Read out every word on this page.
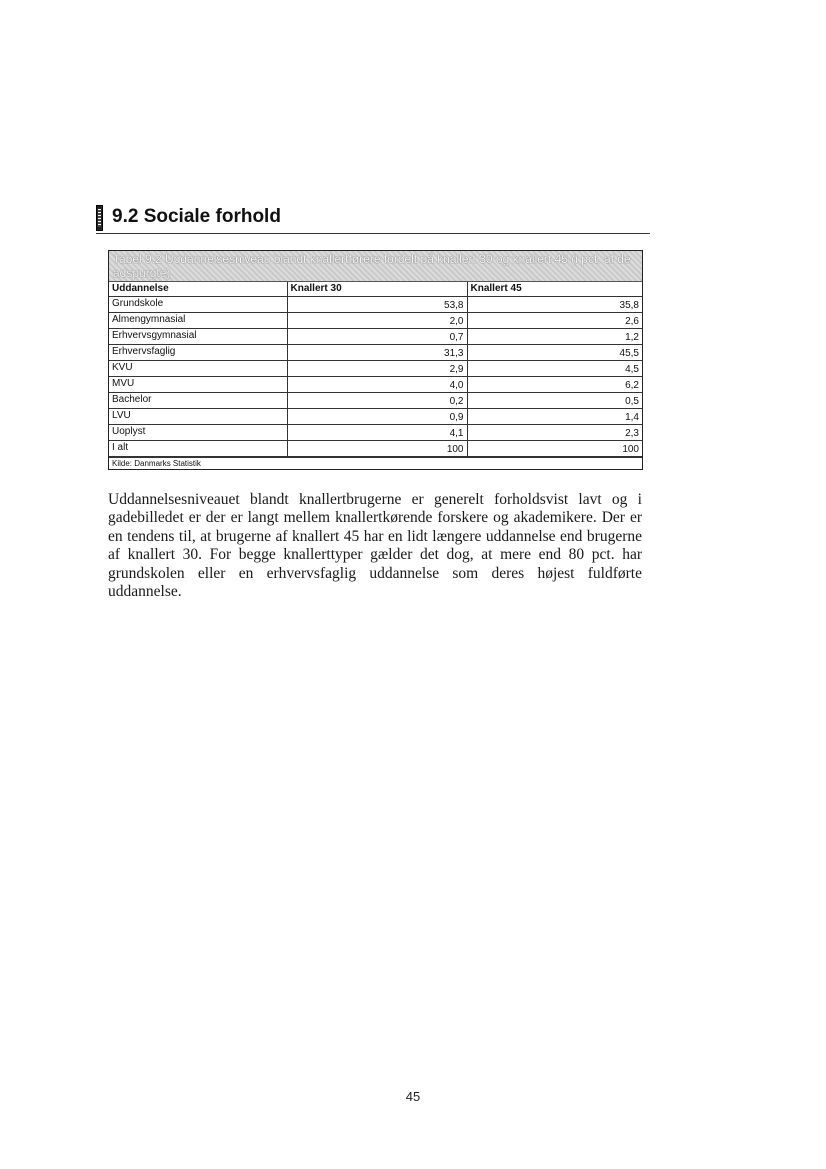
9.2 Sociale forhold
Tabel 9.2 Uddannelsesniveau blandt knallertførere fordelt på knallert 30 og knallert 45 (i pct. af de adspurgte)
Uddannelse	Knallert 30	Knallert 45
Grundskole	53,8	35,8
Almengymnasial	2,0	2,6
Erhvervsgymnasial	0,7	1,2
Erhvervsfaglig	31,3	45,5
KVU	2,9	4,5
MVU	4,0	6,2
Bachelor	0,2	0,5
LVU	0,9	1,4
Uoplyst	4,1	2,3
I alt	100	100
Kilde: Danmarks Statistik

Uddannelsesniveauet blandt knallertbrugerne er generelt forholdsvist lavt og i gadebilledet er der er langt mellem knallertkørende forskere og akademikere. Der er en tendens til, at brugerne af knallert 45 har en lidt længere uddannelse end brugerne af knallert 30. For begge knallerttyper gælder det dog, at mere end 80 pct. har grundskolen eller en erhvervsfaglig uddannelse som deres højest fuldførte uddannelse.

45
